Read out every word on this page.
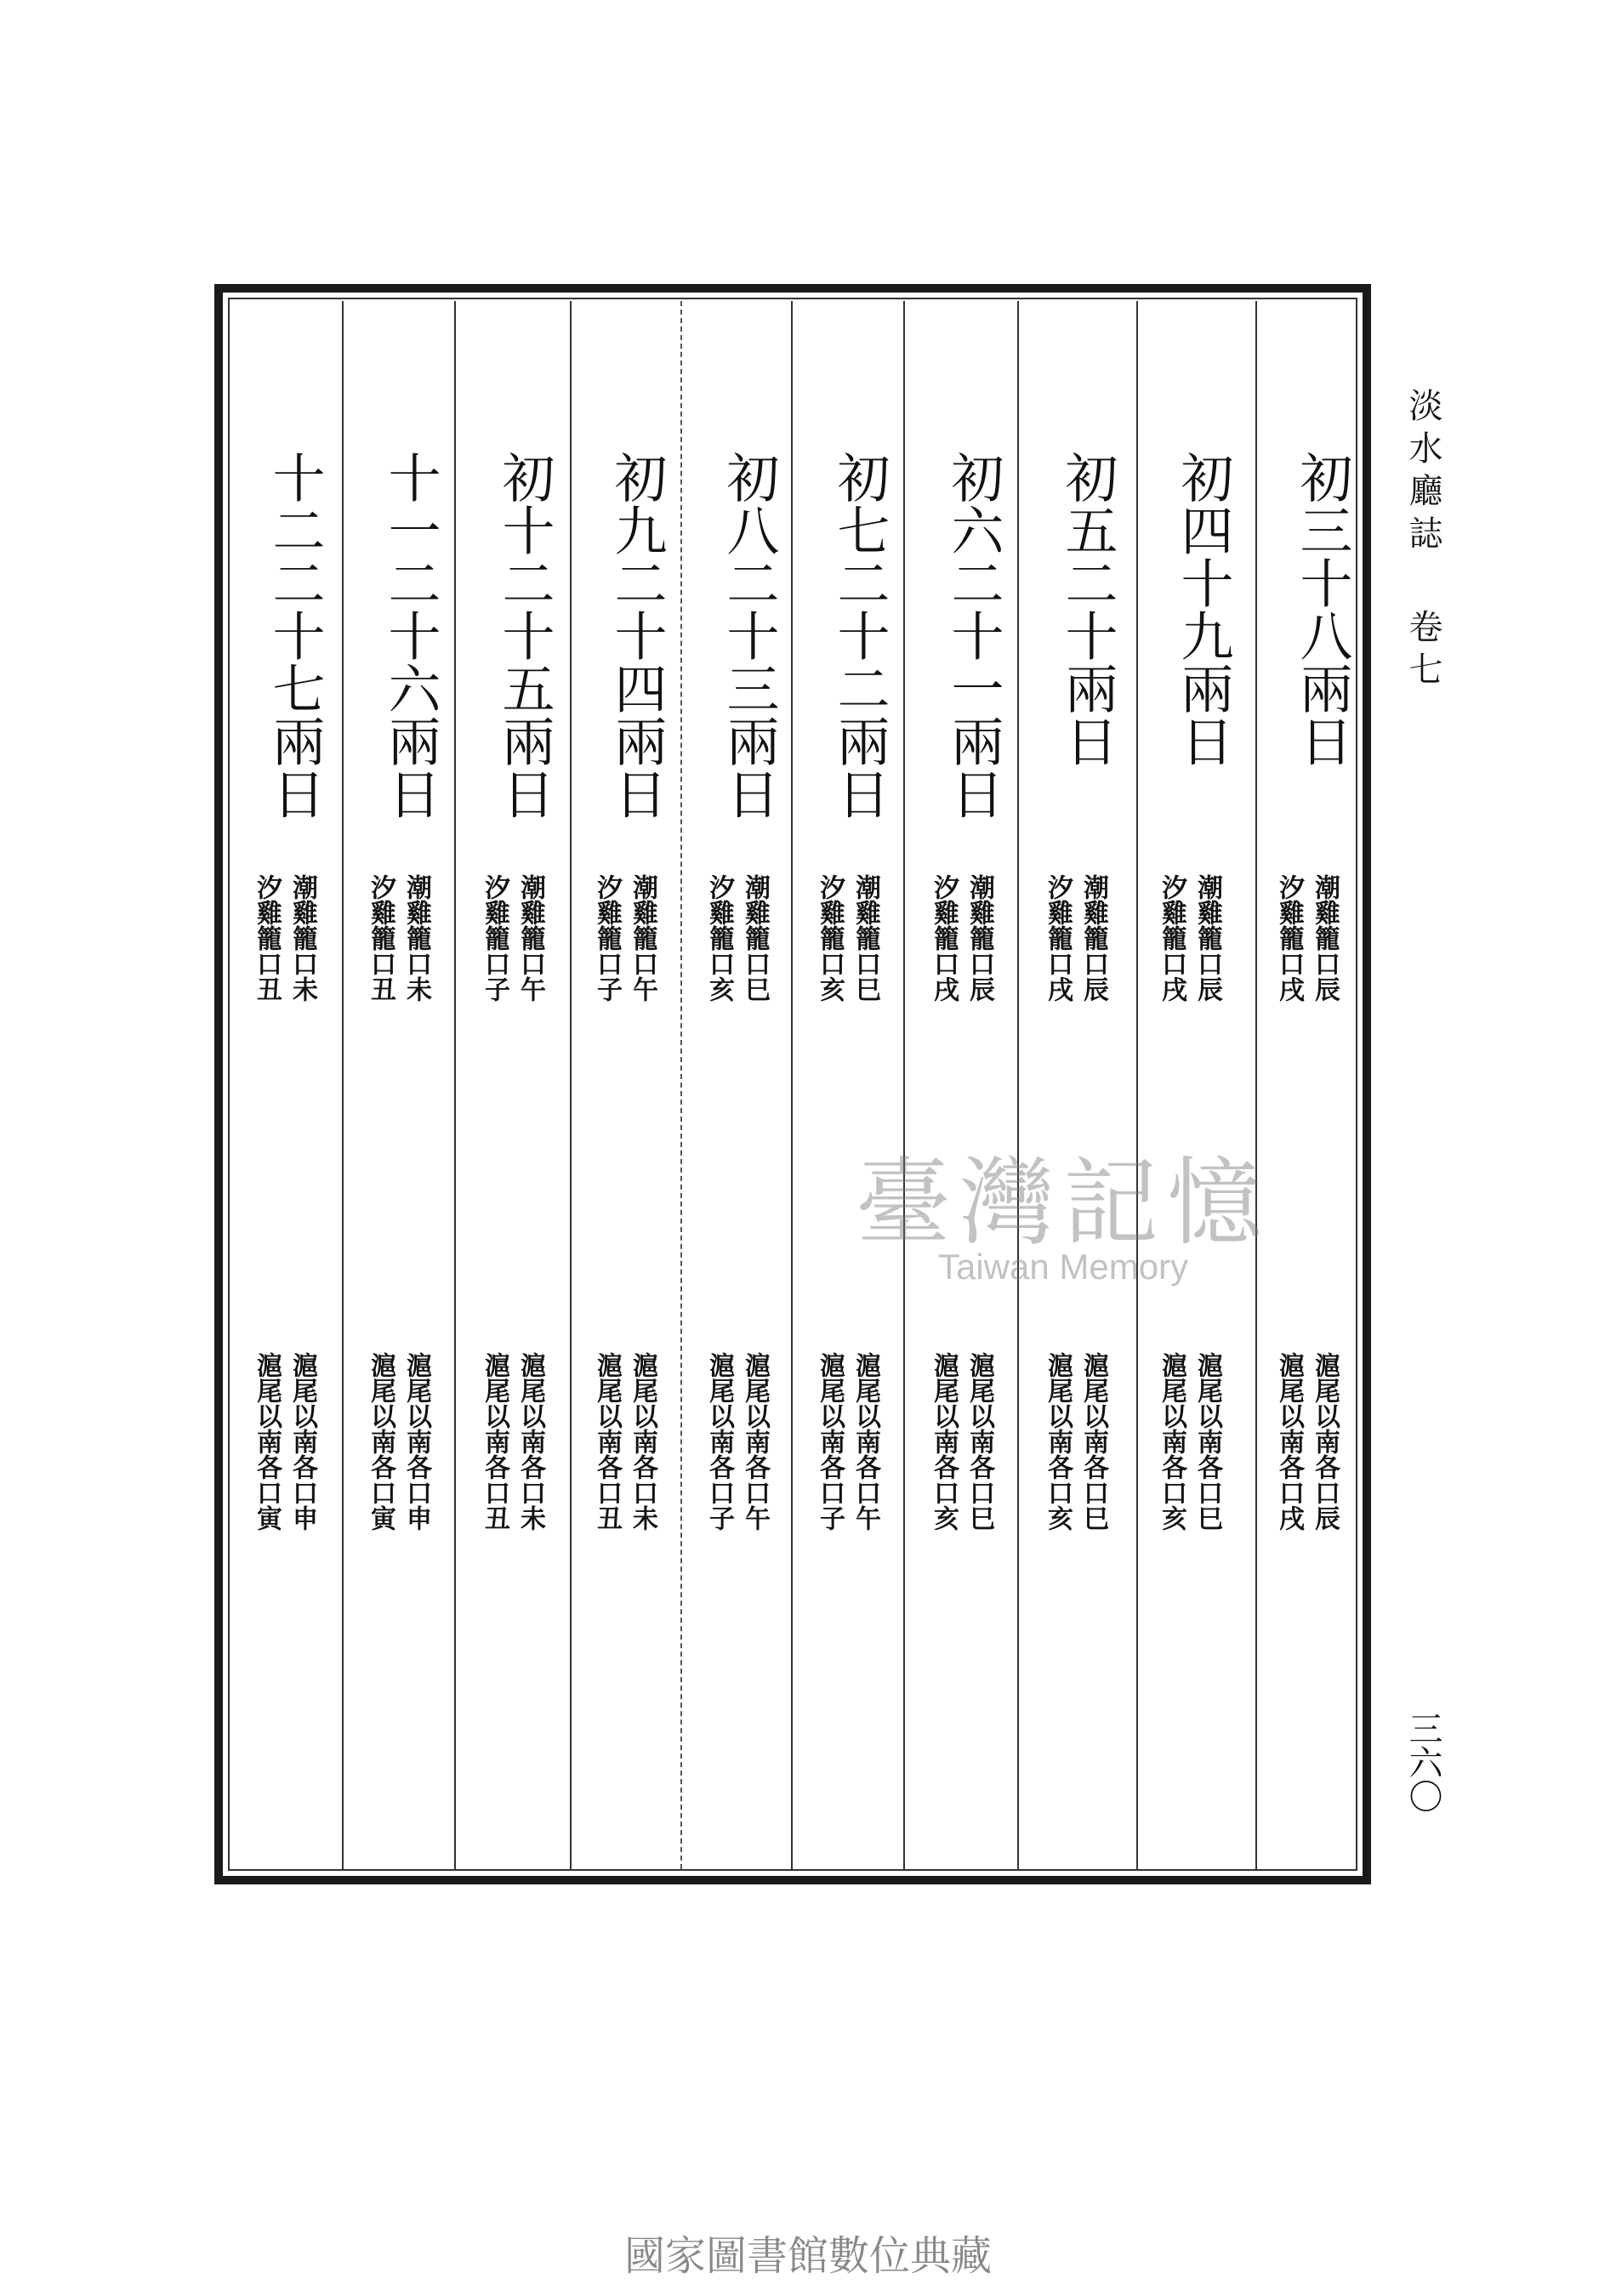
淡水廳誌卷七
三六〇
初三十八兩日
潮雞籠口辰
汐雞籠口戌
滬尾以南各口辰
滬尾以南各口戌
初四十九兩日
潮雞籠口辰
汐雞籠口戌
滬尾以南各口巳
滬尾以南各口亥
初五二十兩日
潮雞籠口辰
汐雞籠口戌
滬尾以南各口巳
滬尾以南各口亥
初六二十一兩日
潮雞籠口辰
汐雞籠口戌
滬尾以南各口巳
滬尾以南各口亥
初七二十二兩日
潮雞籠口巳
汐雞籠口亥
滬尾以南各口午
滬尾以南各口子
初八二十三兩日
潮雞籠口巳
汐雞籠口亥
滬尾以南各口午
滬尾以南各口子
初九二十四兩日
潮雞籠口午
汐雞籠口子
滬尾以南各口未
滬尾以南各口丑
初十二十五兩日
潮雞籠口午
汐雞籠口子
滬尾以南各口未
滬尾以南各口丑
十一二十六兩日
潮雞籠口未
汐雞籠口丑
滬尾以南各口申
滬尾以南各口寅
十二二十七兩日
潮雞籠口未
汐雞籠口丑
滬尾以南各口申
滬尾以南各口寅
臺灣記憶
Taiwan Memory
國家圖書館數位典藏
